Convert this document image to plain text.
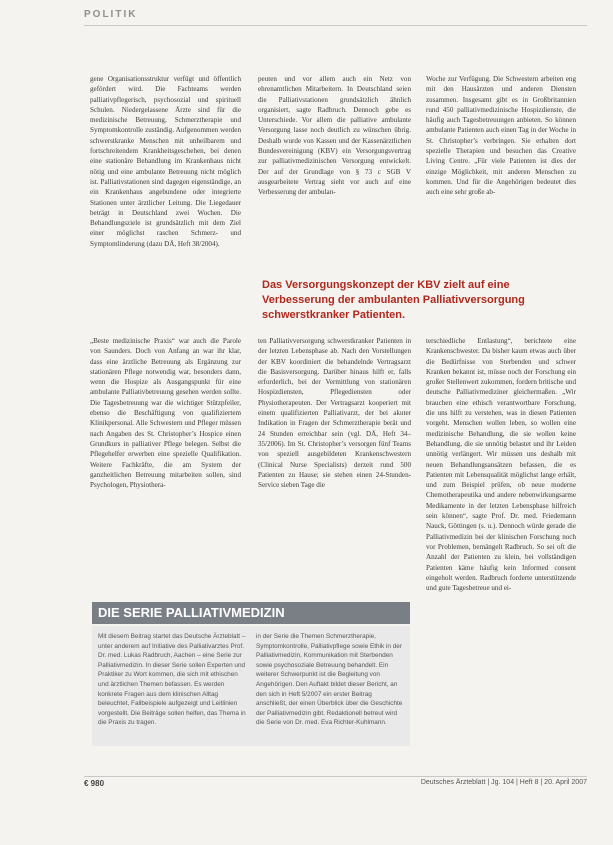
POLITIK

gene Organisationsstruktur verfügt und öffentlich gefördert wird. Die Fachteams werden palliativpflegerisch, psychosozial und spirituell Schulen. Niedergelassene Ärzte sind für die medizinische Betreuung, Schmerztherapie und Symptomkontrolle zuständig. Aufgenommen werden schwerstkranke Menschen mit unheilbarem und fortschreitendem Krankheitsgeschehen, bei denen eine stationäre Behandlung im Krankenhaus nicht nötig und eine ambulante Betreuung nicht möglich ist. Palliativstationen sind dagegen eigenständige, an ein Krankenhaus angebundene oder integrierte Stationen unter ärztlicher Leitung. Die Liegedauer beträgt in Deutschland zwei Wochen. Die Behandlungsziele ist grundsätzlich mit dem Ziel einer möglichst raschen Schmerz- und Symptomlinderung (dazu DÄ, Heft 38/2004).

„Beste medizinische Praxis“ war auch die Parole von Saunders. Doch von Anfang an war ihr klar, dass eine ärztliche Betreuung als Ergänzung zur stationären Pflege notwendig war, besonders dann, wenn die Hospize als Ausgangspunkt für eine ambulante Palliativbetreuung gesehen werden sollte. Die Tagesbetreuung war die wichtiger Stützpfeiler, ebenso die Beschäftigung von qualifiziertem Klinikpersonal. Alle Schwestern und Pfleger müssen nach Angaben des St. Christopher’s Hospice einen Grundkurs in palliativer Pflege belegen. Selbst die Pflegehelfer erwerben eine spezielle Qualifikation. Weitere Fachkräfte, die am System der ganzheitlichen Betreuung mitarbeiten sollen, sind Psychologen, Physiothera-

peuten und vor allem auch ein Netz von ehrenamtlichen Mitarbeitern. In Deutschland seien die Palliativstationen grundsätzlich ähnlich organisiert, sagte Radbruch. Dennoch gebe es Unterschiede. Vor allem die palliative ambulante Versorgung lasse noch deutlich zu wünschen übrig. Deshalb wurde von Kassen und der Kassenärztlichen Bundesvereinigung (KBV) ein Versorgungsvertrag zur palliativmedizinischen Versorgung entwickelt. Der auf der Grundlage von § 73 c SGB V ausgearbeitete Vertrag sieht vor auch auf eine Verbesserung der ambulan-

ten Palliativversorgung schwerstkranker Patienten in der letzten Lebensphase ab. Nach den Vorstellungen der KBV koordiniert die behandelnde Vertragsarzt die Basisversorgung. Darüber hinaus hilft er, falls erforderlich, bei der Vermittlung von stationären Hospizdiensten, Pflegediensten oder Physiotherapeuten. Der Vertragsarzt kooperiert mit einem qualifizierten Palliativarzt, der bei akuter Indikation in Fragen der Schmerztherapie berät und 24 Stunden erreichbar sein (vgl. DÄ, Heft 34–35/2006). Im St. Christopher’s versorgen fünf Teams von speziell ausgebildeten Krankenschwestern (Clinical Nurse Specialists) derzeit rund 500 Patienten zu Hause; sie stehen einen 24-Stunden-Service sieben Tage die

Woche zur Verfügung. Die Schwestern arbeiten eng mit den Hausärzten und anderen Diensten zusammen. Insgesamt gibt es in Großbritannien rund 450 palliativmedizinische Hospizdienste, die häufig auch Tagesbetreuungen anbieten. So können ambulante Patienten auch einen Tag in der Woche in St. Christopher’s verbringen. Sie erhalten dort spezielle Therapien und besuchen das Creative Living Centre. „Für viele Patienten ist dies der einzige Möglichkeit, mit anderen Menschen zu kommen. Und für die Angehörigen bedeutet dies auch eine sehr große ab-

terschiedliche Entlastung“, berichtete eine Krankenschwester. Da bisher kaum etwas auch über die Bedürfnisse von Sterbenden und schwer Kranken bekannt ist, müsse noch der Forschung ein großer Stellenwert zukommen, fordern britische und deutsche Palliativmediziner gleichermaßen. „Wir brauchen eine ethisch verantwortbare Forschung, die uns hilft zu verstehen, was in diesen Patienten vorgeht. Menschen wollen leben, so wollen eine medizinische Behandlung, die sie wollen keine Behandlung, die sie unnötig belastet und ihr Leiden unnötig verlängert. Wir müssen uns deshalb mit neuen Behandlungsansätzen befassen, die es Patienten mit Lebensqualität möglichst lange erhält, und zum Beispiel prüfen, ob neue moderne Chemotherapeutika und andere nebenwirkungsarme Medikamente in der letzten Lebensphase hilfreich sein können“, sagte Prof. Dr. med. Friedemann Nauck, Göttingen (s. u.). Dennoch würde gerade die Palliativmedizin bei der klinischen Forschung noch vor Problemen, bemängelt Radbruch. So sei oft die Anzahl der Patienten zu klein, bei vollständigen Patienten käme häufig kein Informed consent eingeholt werden. Radbruch forderte unterstützende und gute Tagesbetreue und ei-

Das Versorgungskonzept der KBV zielt auf eine Verbesserung der ambulanten Palliativversorgung schwerstkranker Patienten.
DIE SERIE PALLIATIVMEDIZIN
Mit diesem Beitrag startet das Deutsche Ärzteblatt – unter anderem auf Initiative des Palliativarztes Prof. Dr. med. Lukas Radbruch, Aachen – eine Serie zur Palliativmedizin. In dieser Serie sollen Experten und Praktiker zu Wort kommen, die sich mit ethischen und ärztlichen Themen befassen. Es werden konkrete Fragen aus dem klinischen Alltag beleuchtet, Fallbeispiele aufgezeigt und Leitlinien vorgestellt. Die Beiträge sollen helfen, das Thema in die Praxis zu tragen.
in der Serie die Themen Schmerztherapie, Symptomkontrolle, Palliativpflege sowie Ethik in der Palliativmedizin, Kommunikation mit Sterbenden sowie psychosoziale Betreuung behandelt. Ein weiterer Schwerpunkt ist die Begleitung von Angehörigen. Den Auftakt bildet dieser Bericht, an den sich in Heft 5/2007 ein erster Beitrag anschließt, der einen Überblick über die Geschichte der Palliativmedizin gibt. Redaktionell betreut wird die Serie von Dr. med. Eva Richter-Kuhlmann.
€ 980	Deutsches Ärzteblatt | Jg. 104 | Heft 8 | 20. April 2007
